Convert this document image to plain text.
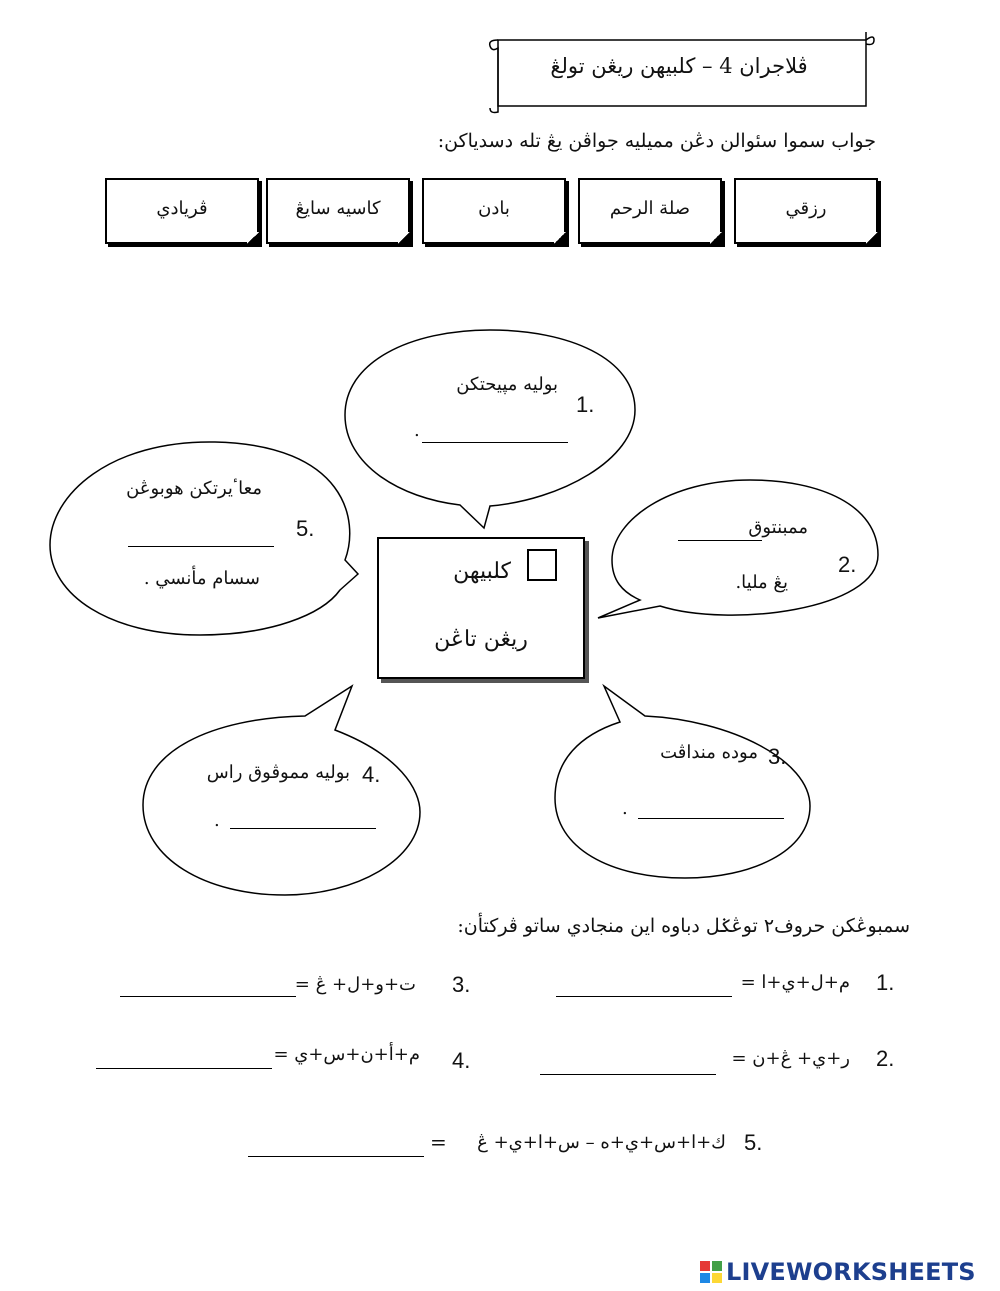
ڤلاجران 4 – كلبيهن ريڠن تولڠ
جواب سموا سئوالن دڠن مميليه جواڤن يڠ تله دسدياكن:
رزقي
صلة الرحم
بادن
كاسيه سايڠ
ڤريادي
بوليه مپيحتكن
1.
.
ممبنتوق
2.
يڠ مليا.
3.
موده منداڤت
.
4.
بوليه مموڤوق راس
.
معاٴيرتكن هوبوڠن
5.
سسام مأنسي .	كلبيهن
ريڠن تاڠن
سمبوڠكن حروف٢ توڠݢل دباوه اين منجادي ساتو ڤركتأن:
1.
م+ل+ي+ا =
2.
ر+ي+ ڠ+ن =
3.
ت+و+ل+ ڠ =
4.
م+أ+ن+س+ي =
5.
ك+ا+س+ي+ه – س+ا+ي+ ڠ
=
LIVEWORKSHEETS
